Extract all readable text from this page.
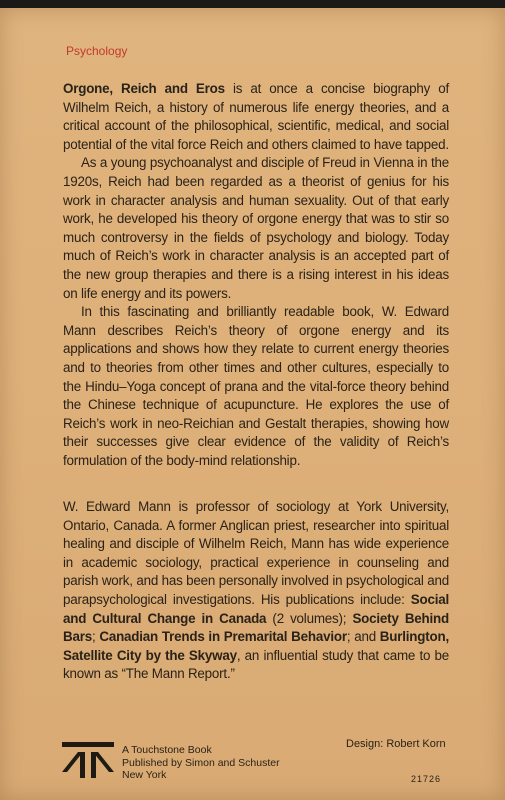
Psychology

Orgone, Reich and Eros is at once a concise biography of Wilhelm Reich, a history of numerous life energy theories, and a critical account of the philosophical, scientific, medical, and social potential of the vital force Reich and others claimed to have tapped.

As a young psychoanalyst and disciple of Freud in Vienna in the 1920s, Reich had been regarded as a theorist of genius for his work in character analysis and human sexuality. Out of that early work, he developed his theory of orgone energy that was to stir so much controversy in the fields of psychology and biology. Today much of Reich’s work in character analysis is an accepted part of the new group therapies and there is a rising interest in his ideas on life energy and its powers.

In this fascinating and brilliantly readable book, W. Edward Mann describes Reich’s theory of orgone energy and its applications and shows how they relate to current energy theories and to theories from other times and other cultures, especially to the Hindu–Yoga concept of prana and the vital-force theory behind the Chinese technique of acupuncture. He explores the use of Reich’s work in neo-Reichian and Gestalt therapies, showing how their successes give clear evidence of the validity of Reich’s formulation of the body-mind relationship.

W. Edward Mann is professor of sociology at York University, Ontario, Canada. A former Anglican priest, researcher into spiritual healing and disciple of Wilhelm Reich, Mann has wide experience in academic sociology, practical experience in counseling and parish work, and has been personally involved in psychological and parapsychological investigations. His publications include: Social and Cultural Change in Canada (2 volumes); Society Behind Bars; Canadian Trends in Premarital Behavior; and Burlington, Satellite City by the Skyway, an influential study that came to be known as “The Mann Report.”

A Touchstone Book
Published by Simon and Schuster
New York
Design: Robert Korn
21726
